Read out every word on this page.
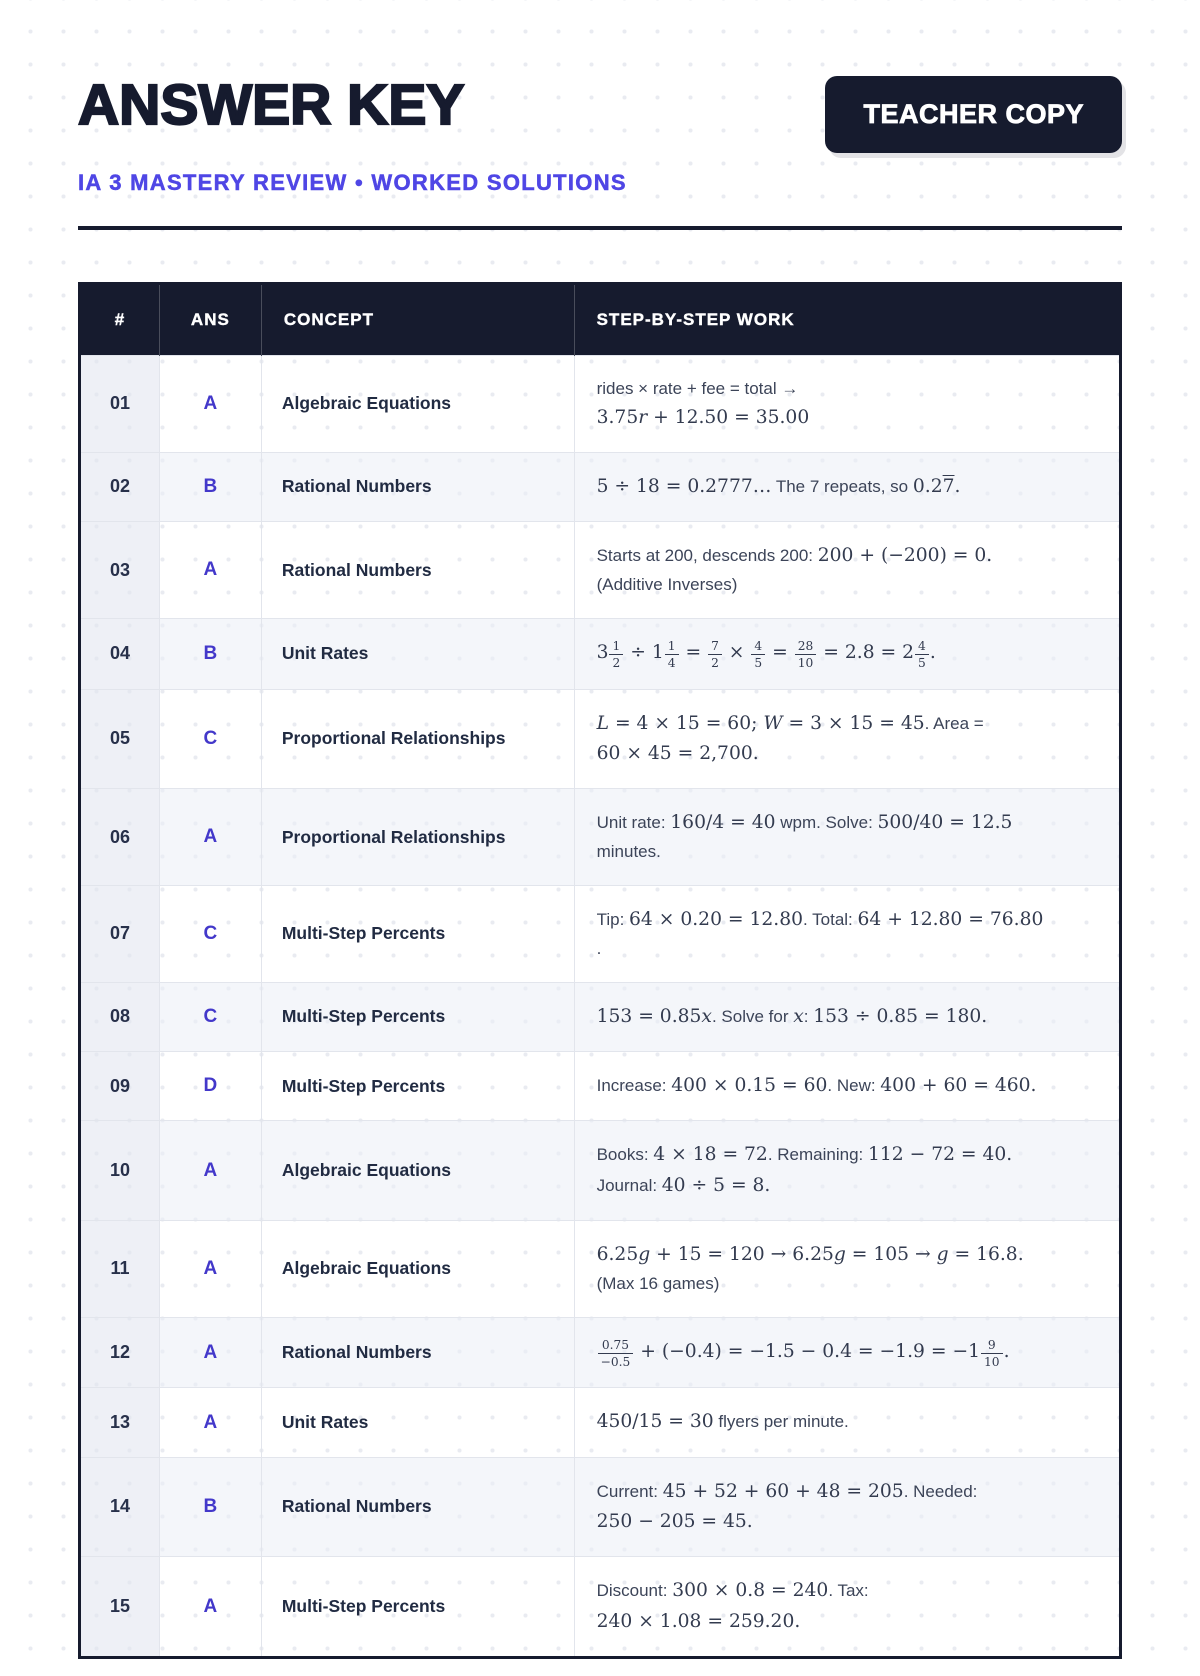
ANSWER KEY	TEACHER COPY
IA 3 MASTERY REVIEW • WORKED SOLUTIONS
#	ANS	CONCEPT	STEP-BY-STEP WORK
01	A	Algebraic Equations	rides × rate + fee = total →
3.75r + 12.50 = 35.00
02	B	Rational Numbers	5 ÷ 18 = 0.2777… The 7 repeats, so 0.27.
03	A	Rational Numbers	Starts at 200, descends 200: 200 + (−200) = 0.
(Additive Inverses)
04	B	Unit Rates	$3 \frac{1}{2} \div 1 \frac{1}{4} = \frac{7}{2} \times \frac{4}{5} = \frac{28}{10} = 2.8 = 2 \frac{4}{5}$ .
05	C	Proportional Relationships	L = 4 × 15 = 60; W = 3 × 15 = 45. Area =
60 × 45 = 2,700.
06	A	Proportional Relationships	Unit rate: 160/4 = 40 wpm. Solve: 500/40 = 12.5
minutes.
07	C	Multi-Step Percents	Tip: 64 × 0.20 = 12.80. Total: 64 + 12.80 = 76.80
.
08	C	Multi-Step Percents	153 = 0.85x. Solve for x: 153 ÷ 0.85 = 180.
09	D	Multi-Step Percents	Increase: 400 × 0.15 = 60. New: 400 + 60 = 460.
10	A	Algebraic Equations	Books: 4 × 18 = 72. Remaining: 112 − 72 = 40.
Journal: 40 ÷ 5 = 8.
11	A	Algebraic Equations	6.25g + 15 = 120 → 6.25g = 105 → g = 16.8.
(Max 16 games)
12	A	Rational Numbers	$\frac{0.75}{-0.5} + (-0.4) = -1.5 - 0.4 = -1.9 = -1 \frac{9}{10}$ .
13	A	Unit Rates	450/15 = 30 flyers per minute.
14	B	Rational Numbers	Current: 45 + 52 + 60 + 48 = 205. Needed:
250 − 205 = 45.
15	A	Multi-Step Percents	Discount: 300 × 0.8 = 240. Tax:
240 × 1.08 = 259.20.
